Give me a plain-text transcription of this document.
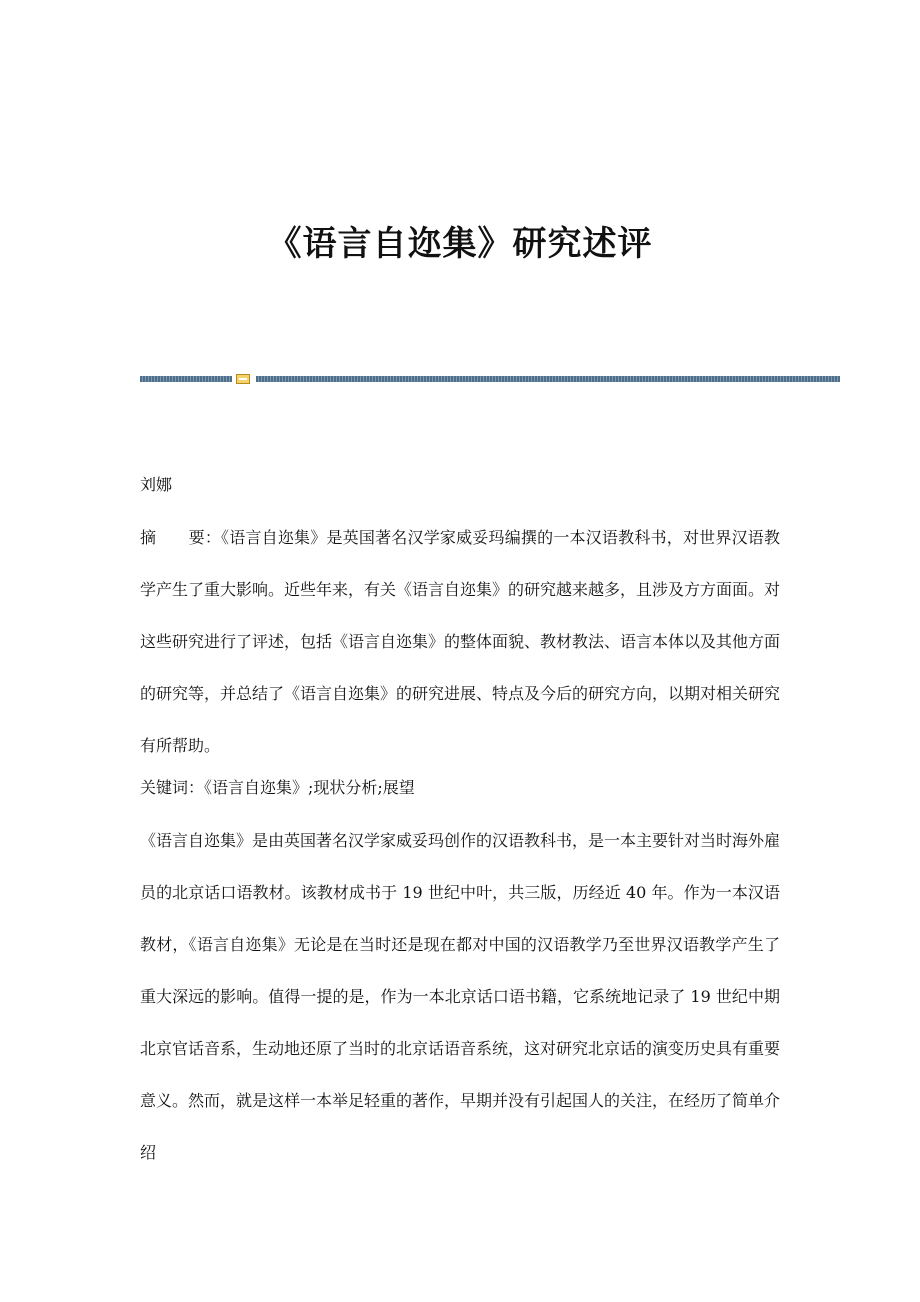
《语言自迩集》研究述评

刘娜

摘　　要：《语言自迩集》是英国著名汉学家威妥玛编撰的一本汉语教科书，对世界汉语教学产生了重大影响。近些年来，有关《语言自迩集》的研究越来越多，且涉及方方面面。对这些研究进行了评述，包括《语言自迩集》的整体面貌、教材教法、语言本体以及其他方面的研究等，并总结了《语言自迩集》的研究进展、特点及今后的研究方向，以期对相关研究有所帮助。

关键词：《语言自迩集》;现状分析;展望

《语言自迩集》是由英国著名汉学家威妥玛创作的汉语教科书，是一本主要针对当时海外雇员的北京话口语教材。该教材成书于 19 世纪中叶，共三版，历经近 40 年。作为一本汉语教材，《语言自迩集》无论是在当时还是现在都对中国的汉语教学乃至世界汉语教学产生了重大深远的影响。值得一提的是，作为一本北京话口语书籍，它系统地记录了 19 世纪中期北京官话音系，生动地还原了当时的北京话语音系统，这对研究北京话的演变历史具有重要意义。然而，就是这样一本举足轻重的著作，早期并没有引起国人的关注，在经历了简单介绍
